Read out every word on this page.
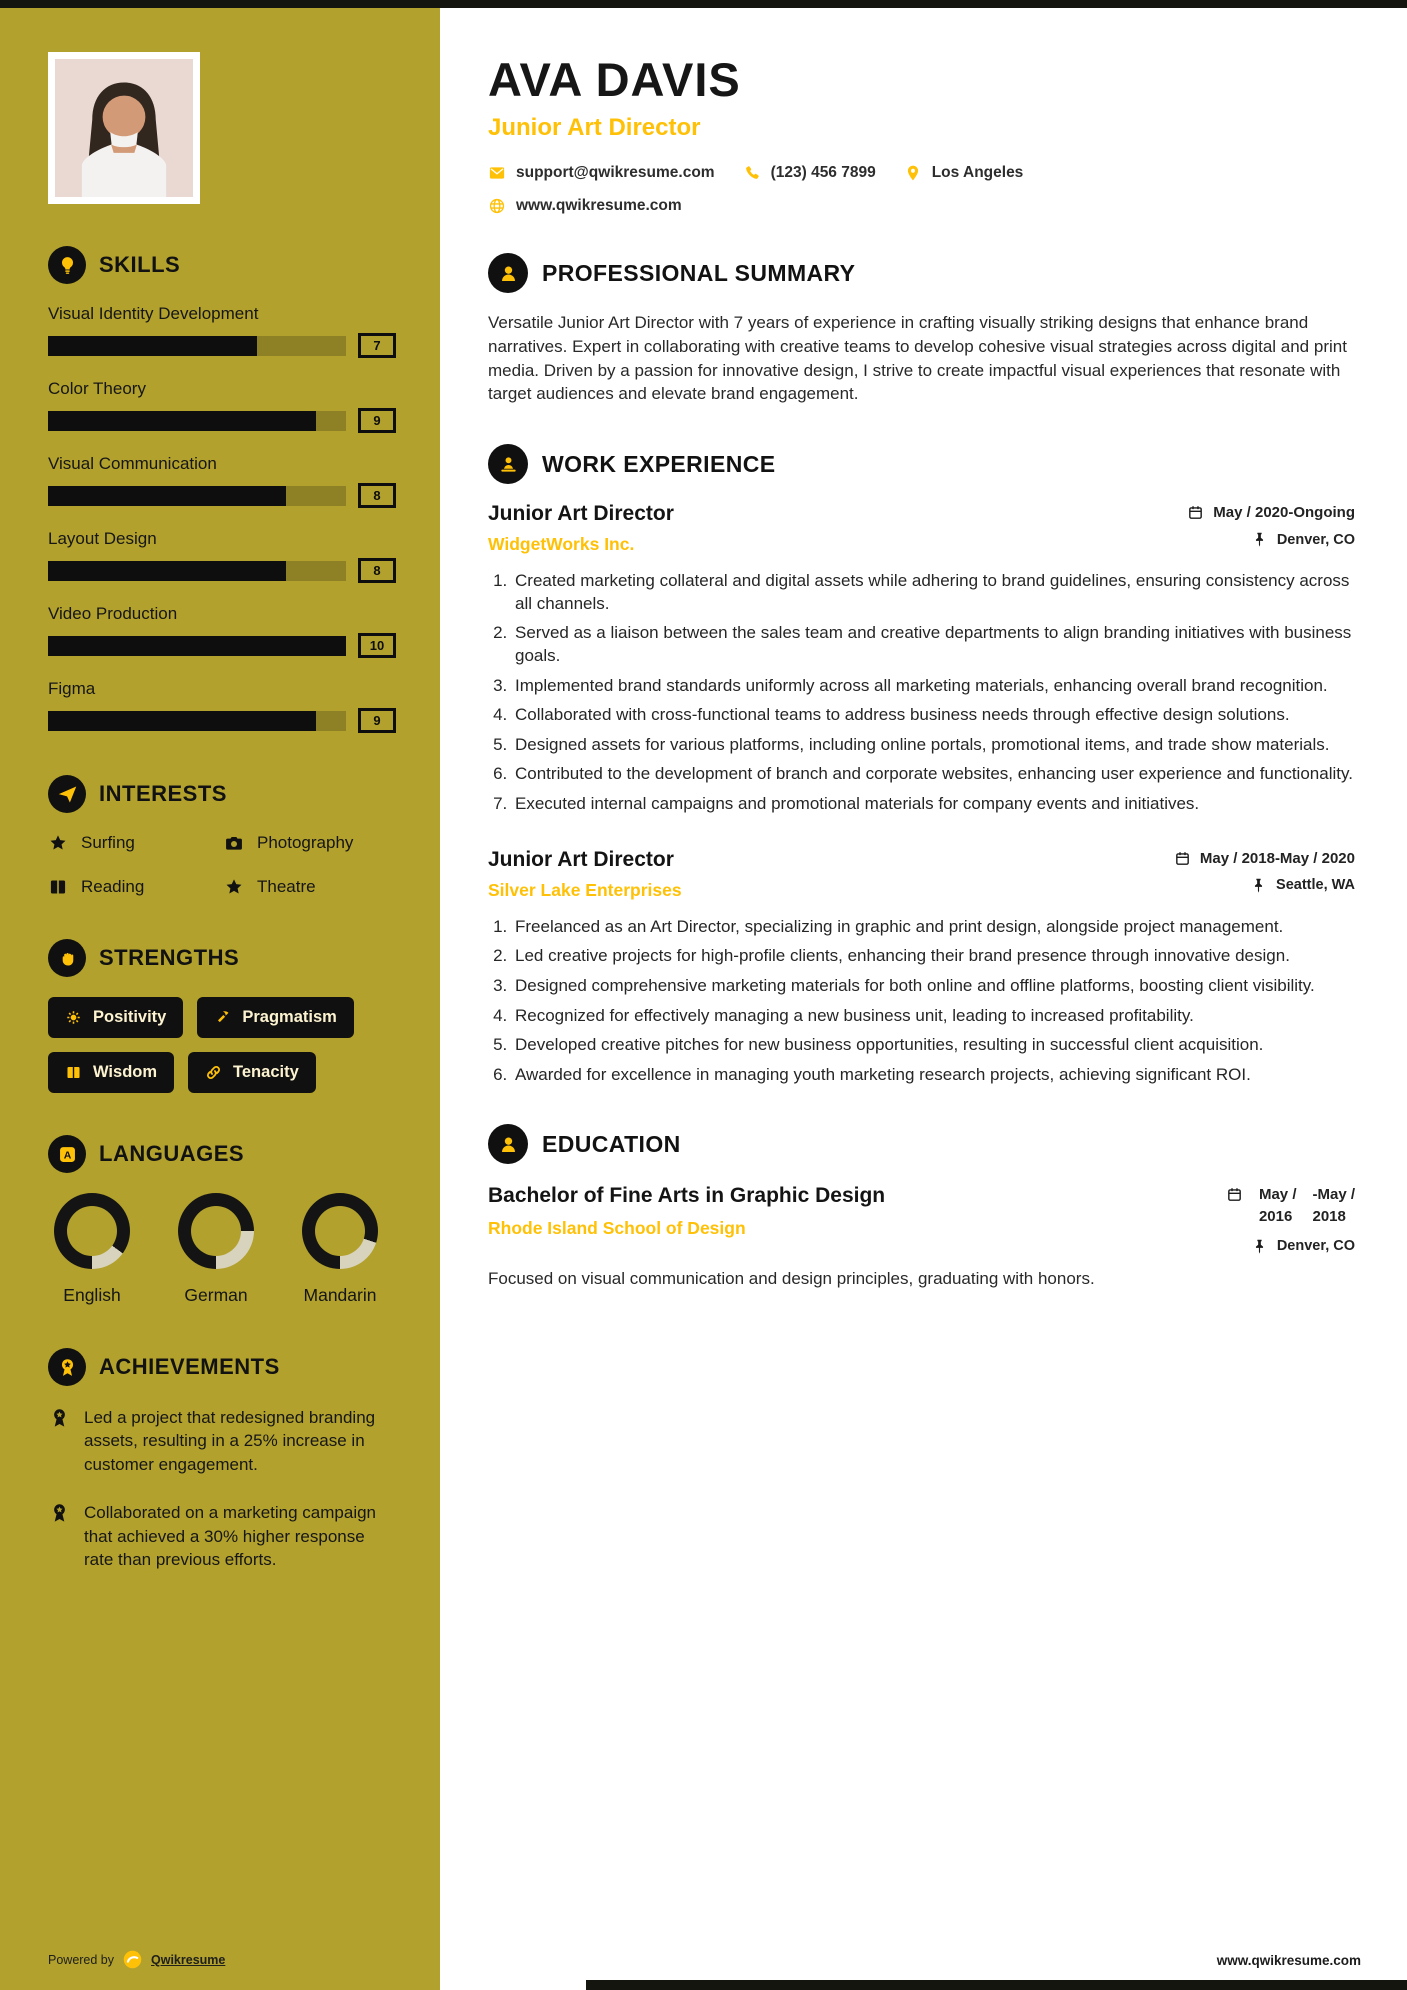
SKILLS
Visual Identity Development
7
Color Theory
9
Visual Communication
8
Layout Design
8
Video Production
10
Figma
9
INTERESTS
Surfing	Photography
Reading	Theatre
STRENGTHS
Positivity	Pragmatism
Wisdom	Tenacity
A LANGUAGES
English	German	Mandarin
ACHIEVEMENTS
Led a project that redesigned branding assets, resulting in a 25% increase in customer engagement.
Collaborated on a marketing campaign that achieved a 30% higher response rate than previous efforts.
Powered by	Qwikresume
AVA DAVIS
Junior Art Director
support@qwikresume.com	(123) 456 7899	Los Angeles
www.qwikresume.com
PROFESSIONAL SUMMARY

Versatile Junior Art Director with 7 years of experience in crafting visually striking designs that enhance brand narratives. Expert in collaborating with creative teams to develop cohesive visual strategies across digital and print media. Driven by a passion for innovative design, I strive to create impactful visual experiences that resonate with target audiences and elevate brand engagement.

WORK EXPERIENCE
Junior Art Director
WidgetWorks Inc.
May / 2020-Ongoing
Denver, CO
1. Created marketing collateral and digital assets while adhering to brand guidelines, ensuring consistency across all channels.
2. Served as a liaison between the sales team and creative departments to align branding initiatives with business goals.
3. Implemented brand standards uniformly across all marketing materials, enhancing overall brand recognition.
4. Collaborated with cross-functional teams to address business needs through effective design solutions.
5. Designed assets for various platforms, including online portals, promotional items, and trade show materials.
6. Contributed to the development of branch and corporate websites, enhancing user experience and functionality.
7. Executed internal campaigns and promotional materials for company events and initiatives.
Junior Art Director
Silver Lake Enterprises
May / 2018-May / 2020
Seattle, WA
1. Freelanced as an Art Director, specializing in graphic and print design, alongside project management.
2. Led creative projects for high-profile clients, enhancing their brand presence through innovative design.
3. Designed comprehensive marketing materials for both online and offline platforms, boosting client visibility.
4. Recognized for effectively managing a new business unit, leading to increased profitability.
5. Developed creative pitches for new business opportunities, resulting in successful client acquisition.
6. Awarded for excellence in managing youth marketing research projects, achieving significant ROI.
EDUCATION
Bachelor of Fine Arts in Graphic Design
Rhode Island School of Design
May /
2016
-May /
2018
Denver, CO

Focused on visual communication and design principles, graduating with honors.

www.qwikresume.com
